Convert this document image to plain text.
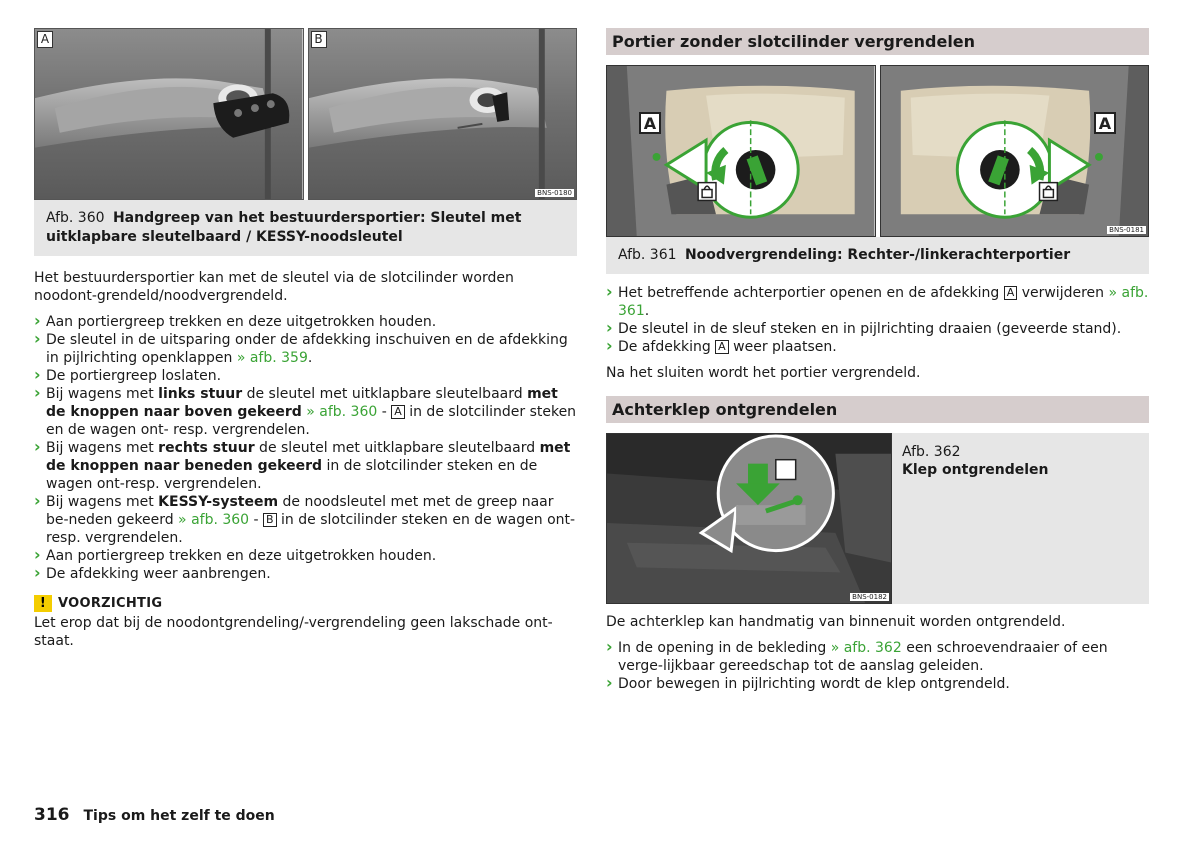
A	B
BNS-0180
Afb. 360 Handgreep van het bestuurdersportier: Sleutel met uitklapbare sleutelbaard / KESSY-noodsleutel

Het bestuurdersportier kan met de sleutel via de slotcilinder worden noodont-grendeld/noodvergrendeld.

› Aan portiergreep trekken en deze uitgetrokken houden.
› De sleutel in de uitsparing onder de afdekking inschuiven en de afdekking in pijlrichting openklappen » afb. 359.
› De portiergreep loslaten.
› Bij wagens met links stuur de sleutel met uitklapbare sleutelbaard met de knoppen naar boven gekeerd » afb. 360 - A in de slotcilinder steken en de wagen ont- resp. vergrendelen.
› Bij wagens met rechts stuur de sleutel met uitklapbare sleutelbaard met de knoppen naar beneden gekeerd in de slotcilinder steken en de wagen ont-resp. vergrendelen.
› Bij wagens met KESSY-systeem de noodsleutel met met de greep naar be-neden gekeerd » afb. 360 - B in de slotcilinder steken en de wagen ont-resp. vergrendelen.
› Aan portiergreep trekken en deze uitgetrokken houden.
› De afdekking weer aanbrengen.
! VOORZICHTIG

Let erop dat bij de noodontgrendeling/-vergrendeling geen lakschade ont-staat.

Portier zonder slotcilinder vergrendelen
A	A
BNS-0181
Afb. 361 Noodvergrendeling: Rechter-/linkerachterportier
› Het betreffende achterportier openen en de afdekking A verwijderen » afb. 361.
› De sleutel in de sleuf steken en in pijlrichting draaien (geveerde stand).
› De afdekking A weer plaatsen.

Na het sluiten wordt het portier vergrendeld.

Achterklep ontgrendelen
BNS-0182
Afb. 362
Klep ontgrendelen

De achterklep kan handmatig van binnenuit worden ontgrendeld.

› In de opening in de bekleding » afb. 362 een schroevendraaier of een verge-lijkbaar gereedschap tot de aanslag geleiden.
› Door bewegen in pijlrichting wordt de klep ontgrendeld.
316 Tips om het zelf te doen
